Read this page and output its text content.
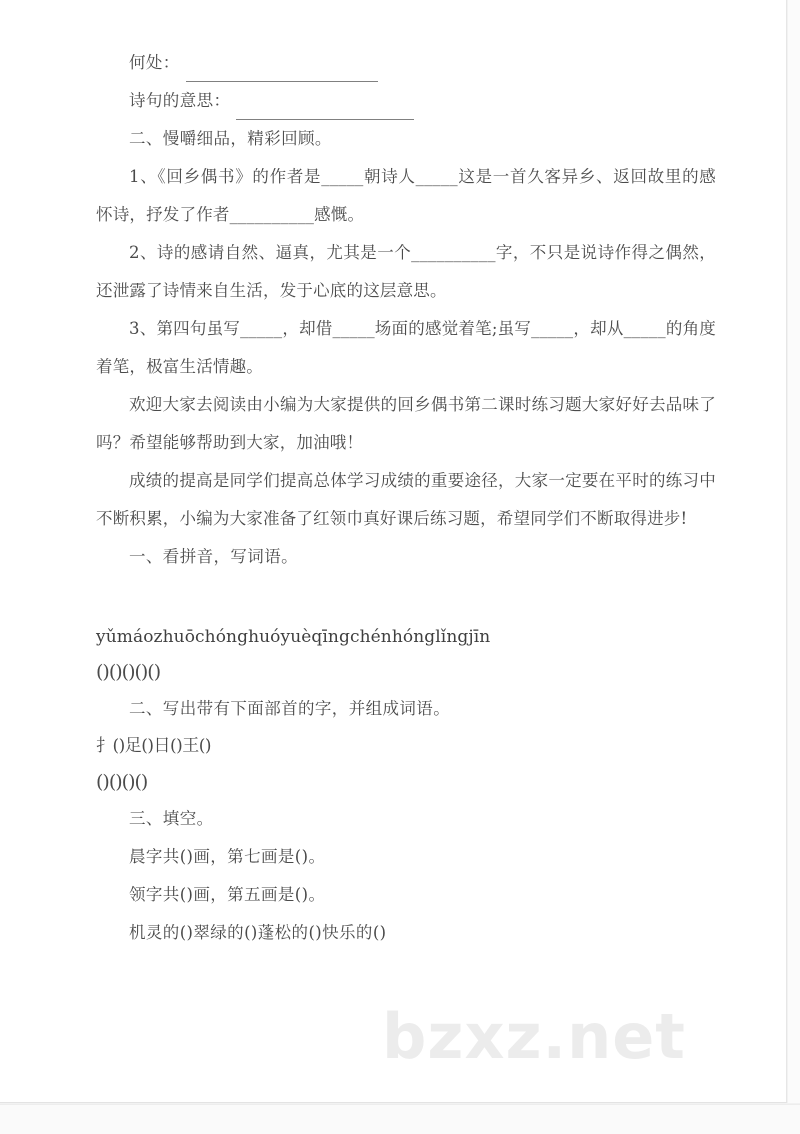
bzxz.net
何处：
诗句的意思：
二、慢嚼细品，精彩回顾。
1、《回乡偶书》的作者是_____朝诗人_____这是一首久客异乡、返回故里的感怀诗，抒发了作者__________感慨。
2、诗的感请自然、逼真，尤其是一个__________字，不只是说诗作得之偶然，还泄露了诗情来自生活，发于心底的这层意思。
3、第四句虽写_____，却借_____场面的感觉着笔;虽写_____，却从_____的角度着笔，极富生活情趣。
欢迎大家去阅读由小编为大家提供的回乡偶书第二课时练习题大家好好去品味了吗？希望能够帮助到大家，加油哦！
成绩的提高是同学们提高总体学习成绩的重要途径，大家一定要在平时的练习中不断积累，小编为大家准备了红领巾真好课后练习题，希望同学们不断取得进步!
一、看拼音，写词语。
yǔmáozhuōchónghuóyuèqīngchénhónglǐngjīn
()()()()()
二、写出带有下面部首的字，并组成词语。
扌()足()日()王()
()()()()
三、填空。
晨字共()画，第七画是()。
领字共()画，第五画是()。
机灵的()翠绿的()蓬松的()快乐的()
